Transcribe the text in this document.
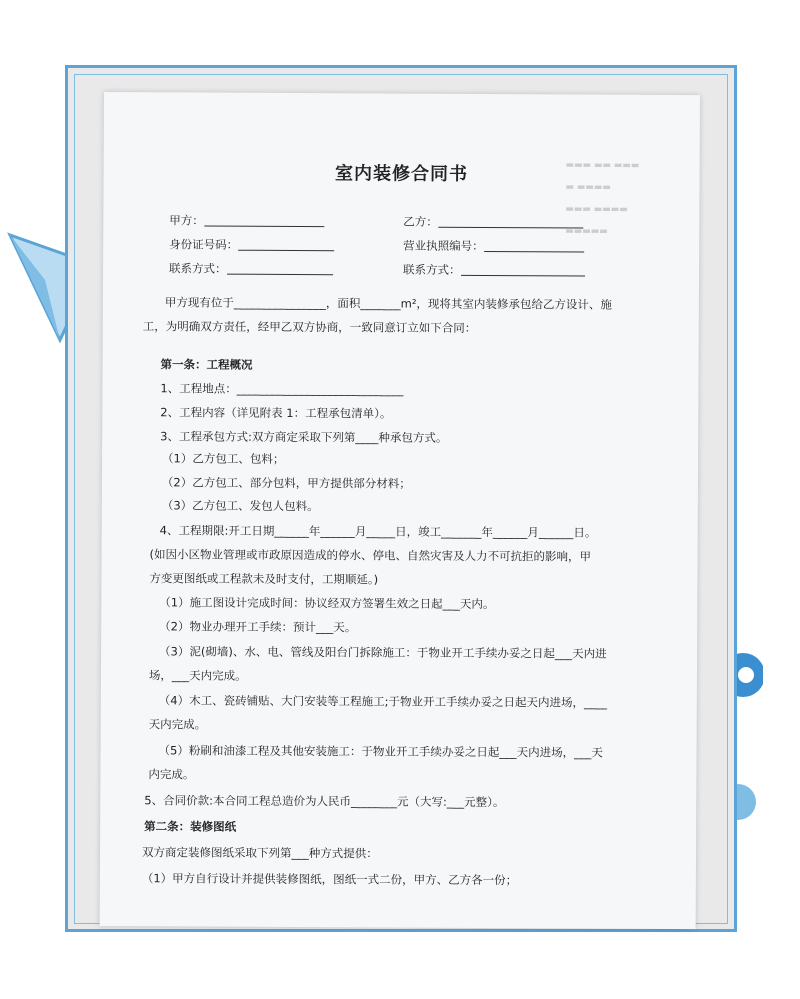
▬▬▬ ▬▬ ▬▬▬
▬ ▬▬▬▬
▬▬▬ ▬▬▬▬
▬▬▬▬▬
室内装修合同书
甲方：	乙方：
身份证号码：	营业执照编号：
联系方式：	联系方式：
甲方现有位于________________，面积_______m²，现将其室内装修承包给乙方设计、施
工，为明确双方责任，经甲乙双方协商，一致同意订立如下合同：
第一条：工程概况
1、工程地点：_____________________________
2、工程内容（详见附表 1：工程承包清单）。
3、工程承包方式:双方商定采取下列第____种承包方式。
（1）乙方包工、包料；
（2）乙方包工、部分包料，甲方提供部分材料；
（3）乙方包工、发包人包料。
4、工程期限:开工日期______年______月_____日，竣工_______年______月______日。
(如因小区物业管理或市政原因造成的停水、停电、自然灾害及人力不可抗拒的影响，甲
方变更图纸或工程款未及时支付，工期顺延。)
（1）施工图设计完成时间：协议经双方签署生效之日起___天内。
（2）物业办理开工手续：预计___天。
（3）泥(砌墙)、水、电、管线及阳台门拆除施工：于物业开工手续办妥之日起___天内进
场，___天内完成。
（4）木工、瓷砖铺贴、大门安装等工程施工;于物业开工手续办妥之日起天内进场，____
天内完成。
（5）粉刷和油漆工程及其他安装施工：于物业开工手续办妥之日起___天内进场，___天
内完成。
5、合同价款:本合同工程总造价为人民币________元（大写:___元整）。
第二条：装修图纸
双方商定装修图纸采取下列第___种方式提供：
（1）甲方自行设计并提供装修图纸，图纸一式二份，甲方、乙方各一份；
